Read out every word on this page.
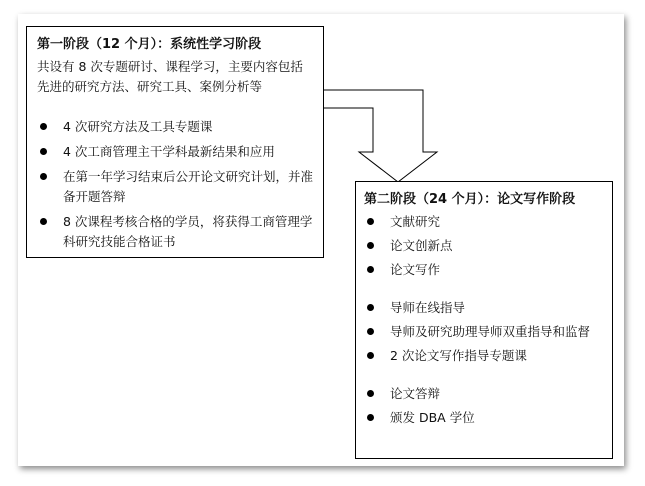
第一阶段（12 个月）：系统性学习阶段
共设有 8 次专题研讨、课程学习，主要内容包括先进的研究方法、研究工具、案例分析等
4 次研究方法及工具专题课
4 次工商管理主干学科最新结果和应用
在第一年学习结束后公开论文研究计划，并准备开题答辩
8 次课程考核合格的学员，将获得工商管理学科研究技能合格证书
第二阶段（24 个月）：论文写作阶段
文献研究
论文创新点
论文写作
导师在线指导
导师及研究助理导师双重指导和监督
2 次论文写作指导专题课
论文答辩
颁发 DBA 学位
